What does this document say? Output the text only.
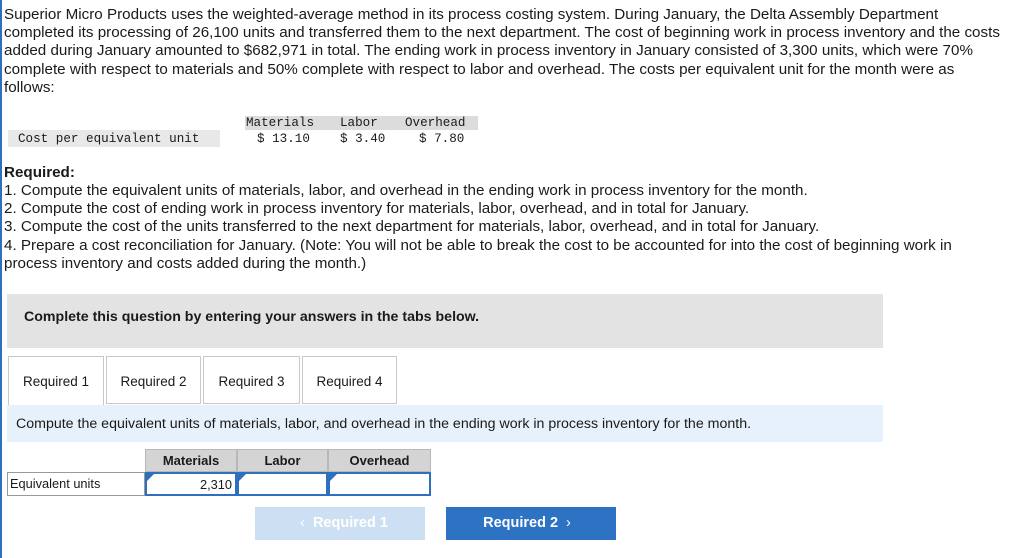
Superior Micro Products uses the weighted-average method in its process costing system. During January, the Delta Assembly Department completed its processing of 26,100 units and transferred them to the next department. The cost of beginning work in process inventory and the costs added during January amounted to $682,971 in total. The ending work in process inventory in January consisted of 3,300 units, which were 70% complete with respect to materials and 50% complete with respect to labor and overhead. The costs per equivalent unit for the month were as follows:

Materials Labor Overhead
Cost per equivalent unit	$ 13.10 $ 3.40	$ 7.80

Required:

1. Compute the equivalent units of materials, labor, and overhead in the ending work in process inventory for the month.
2. Compute the cost of ending work in process inventory for materials, labor, overhead, and in total for January.
3. Compute the cost of the units transferred to the next department for materials, labor, overhead, and in total for January.
4. Prepare a cost reconciliation for January. (Note: You will not be able to break the cost to be accounted for into the cost of beginning work in process inventory and costs added during the month.)

Complete this question by entering your answers in the tabs below.

Required 1	Required 2	Required 3	Required 4

Compute the equivalent units of materials, labor, and overhead in the ending work in process inventory for the month.

Materials	Labor	Overhead
Equivalent units	2,310
‹ Required 1	Required 2 ›
